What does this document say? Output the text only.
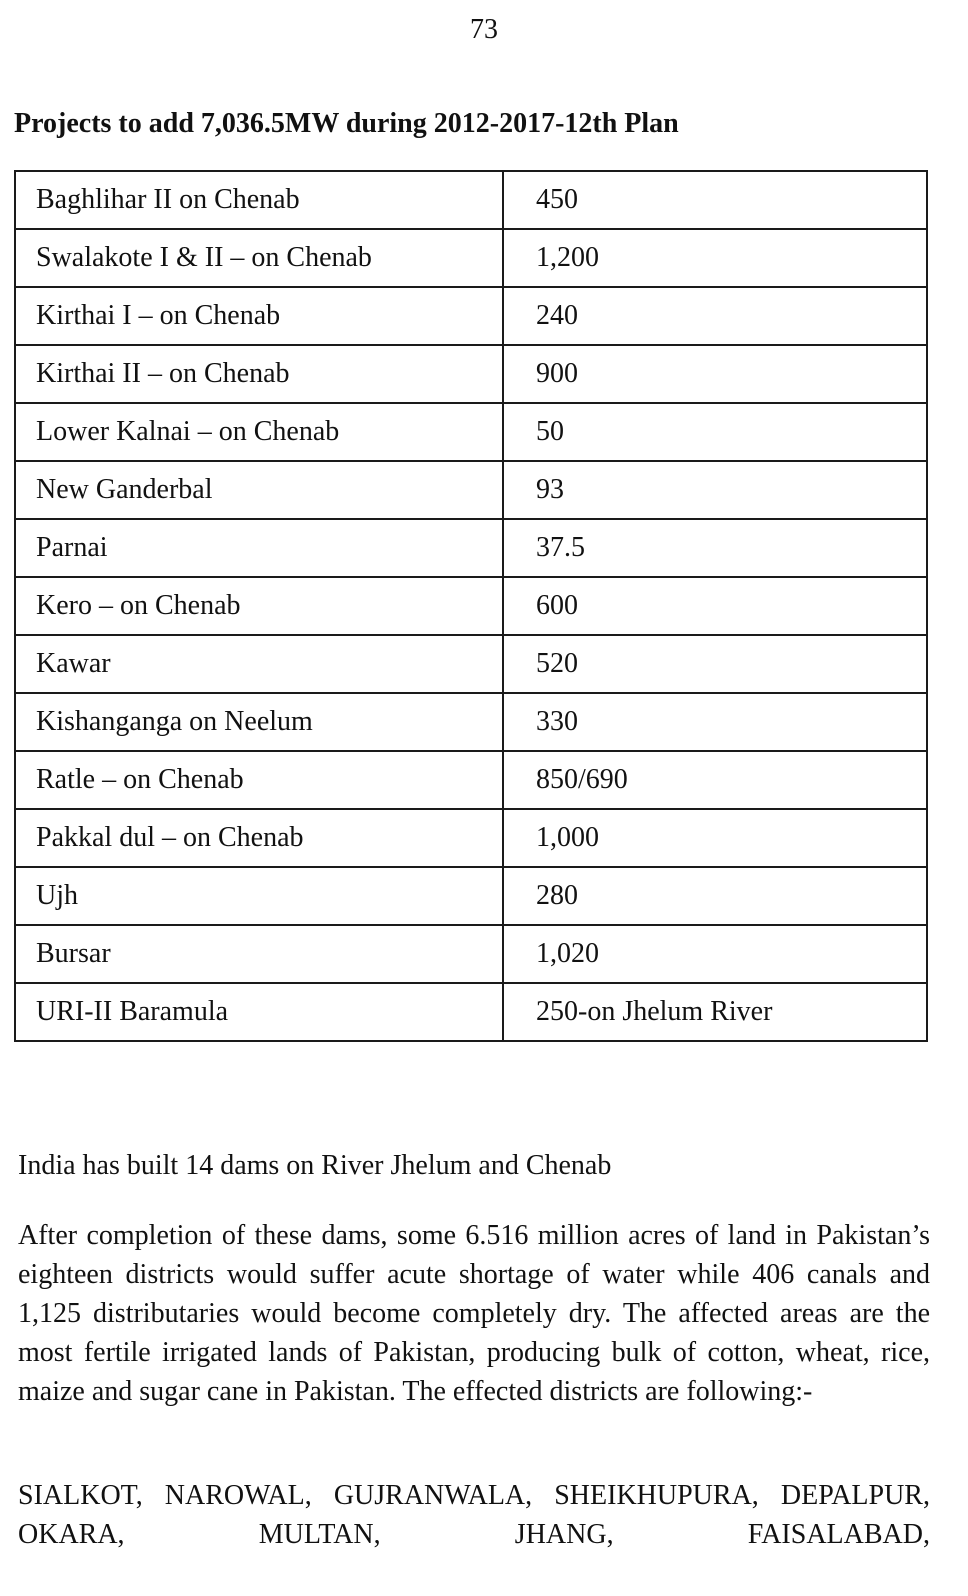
73
Projects to add 7,036.5MW during 2012-2017-12th Plan
Baghlihar II on Chenab	450
Swalakote I & II – on Chenab	1,200
Kirthai I – on Chenab	240
Kirthai II – on Chenab	900
Lower Kalnai – on Chenab	50
New Ganderbal	93
Parnai	37.5
Kero – on Chenab	600
Kawar	520
Kishanganga on Neelum	330
Ratle – on Chenab	850/690
Pakkal dul – on Chenab	1,000
Ujh	280
Bursar	1,020
URI-II Baramula	250-on Jhelum River

India has built 14 dams on River Jhelum and Chenab

After completion of these dams, some 6.516 million acres of land in Pakistan’s eighteen districts would suffer acute shortage of water while 406 canals and 1,125 distributaries would become completely dry. The affected areas are the most fertile irrigated lands of Pakistan, producing bulk of cotton, wheat, rice, maize and sugar cane in Pakistan. The effected districts are following:-

SIALKOT, NAROWAL, GUJRANWALA, SHEIKHUPURA, DEPALPUR, OKARA, MULTAN, JHANG, FAISALABAD,
